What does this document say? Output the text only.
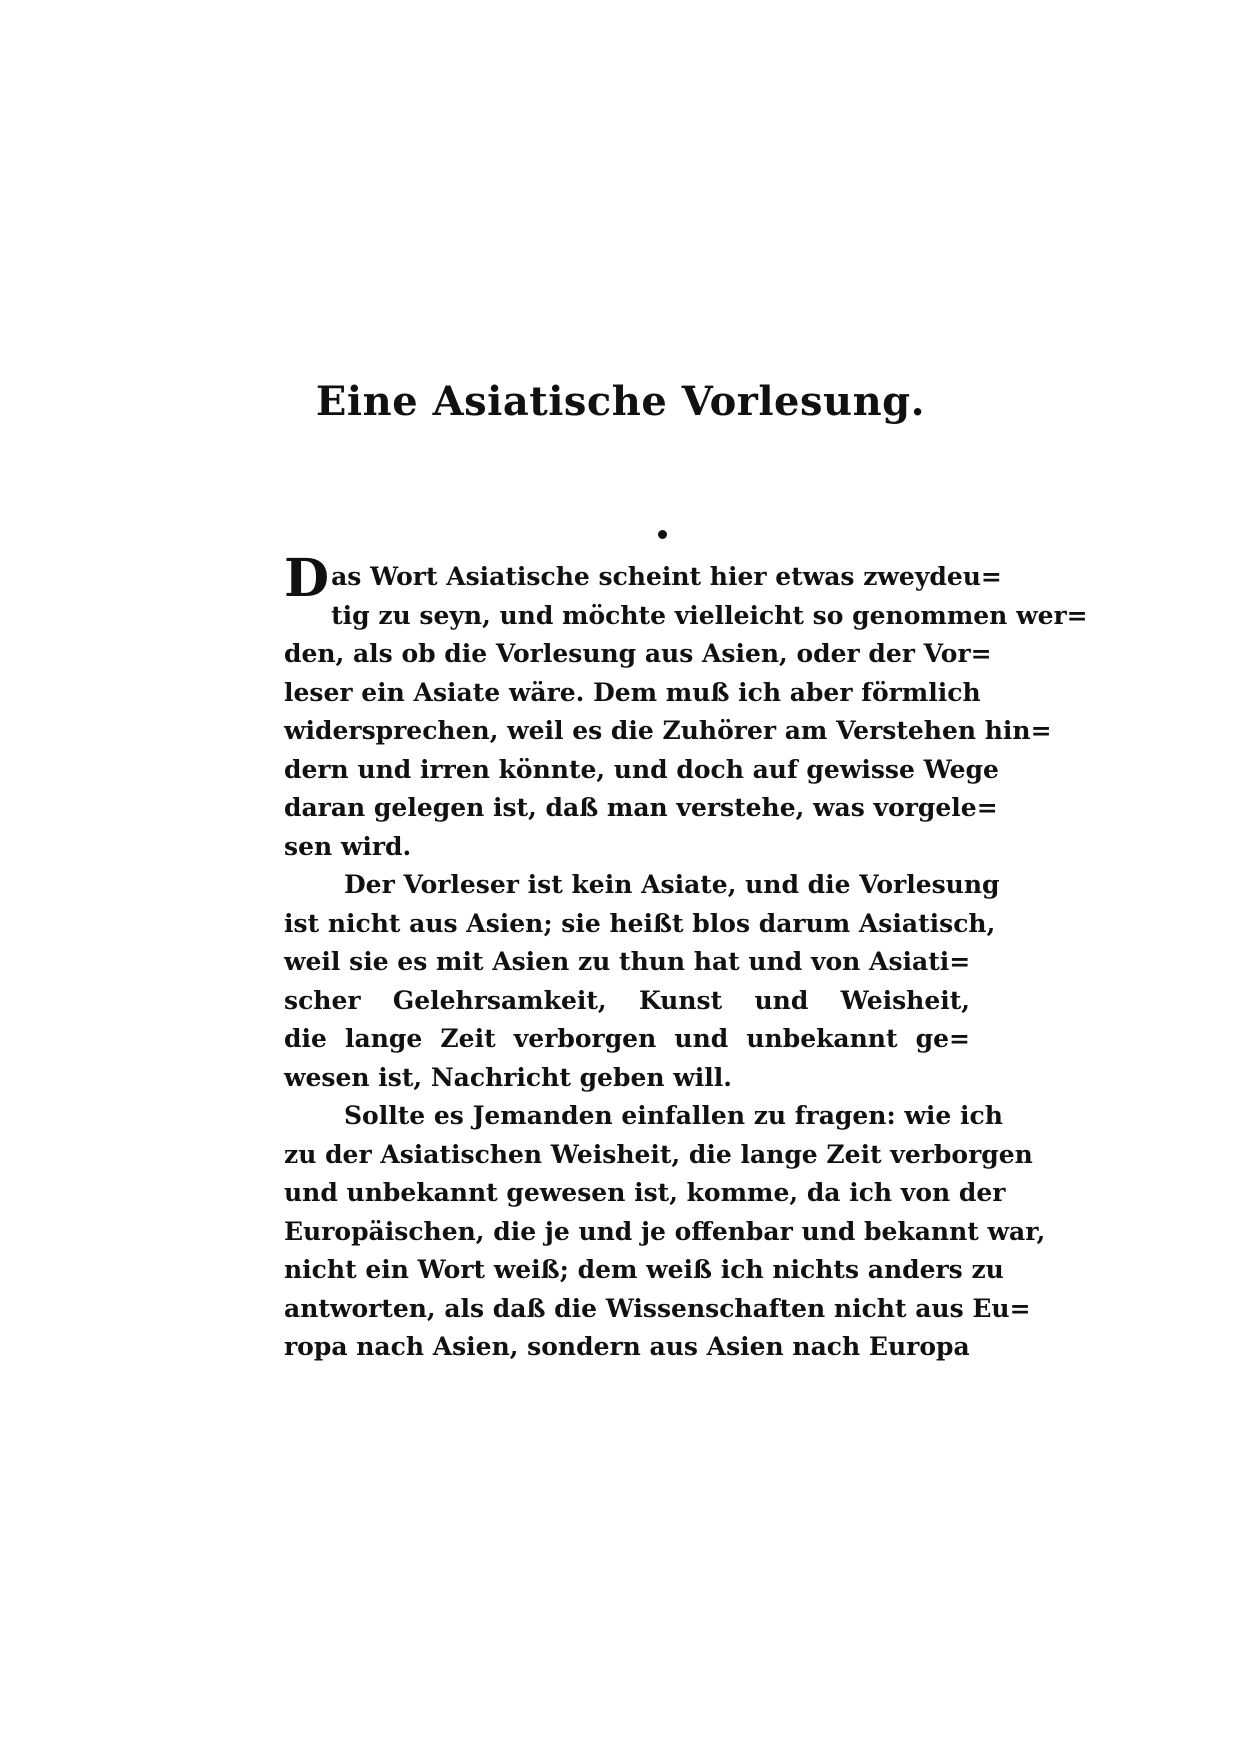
Eine Asiatische Vorlesung.
Das Wort Asiatische scheint hier etwas zweydeu=
tig zu seyn, und möchte vielleicht so genommen wer=
den, als ob die Vorlesung aus Asien, oder der Vor=
leser ein Asiate wäre. Dem muß ich aber förmlich
widersprechen, weil es die Zuhörer am Verstehen hin=
dern und irren könnte, und doch auf gewisse Wege
daran gelegen ist, daß man verstehe, was vorgele=
sen wird.
Der Vorleser ist kein Asiate, und die Vorlesung
ist nicht aus Asien; sie heißt blos darum Asiatisch,
weil sie es mit Asien zu thun hat und von Asiati=
scher Gelehrsamkeit, Kunst und Weisheit,
die lange Zeit verborgen und unbekannt ge=
wesen ist, Nachricht geben will.
Sollte es Jemanden einfallen zu fragen: wie ich
zu der Asiatischen Weisheit, die lange Zeit verborgen
und unbekannt gewesen ist, komme, da ich von der
Europäischen, die je und je offenbar und bekannt war,
nicht ein Wort weiß; dem weiß ich nichts anders zu
antworten, als daß die Wissenschaften nicht aus Eu=
ropa nach Asien, sondern aus Asien nach Europa
